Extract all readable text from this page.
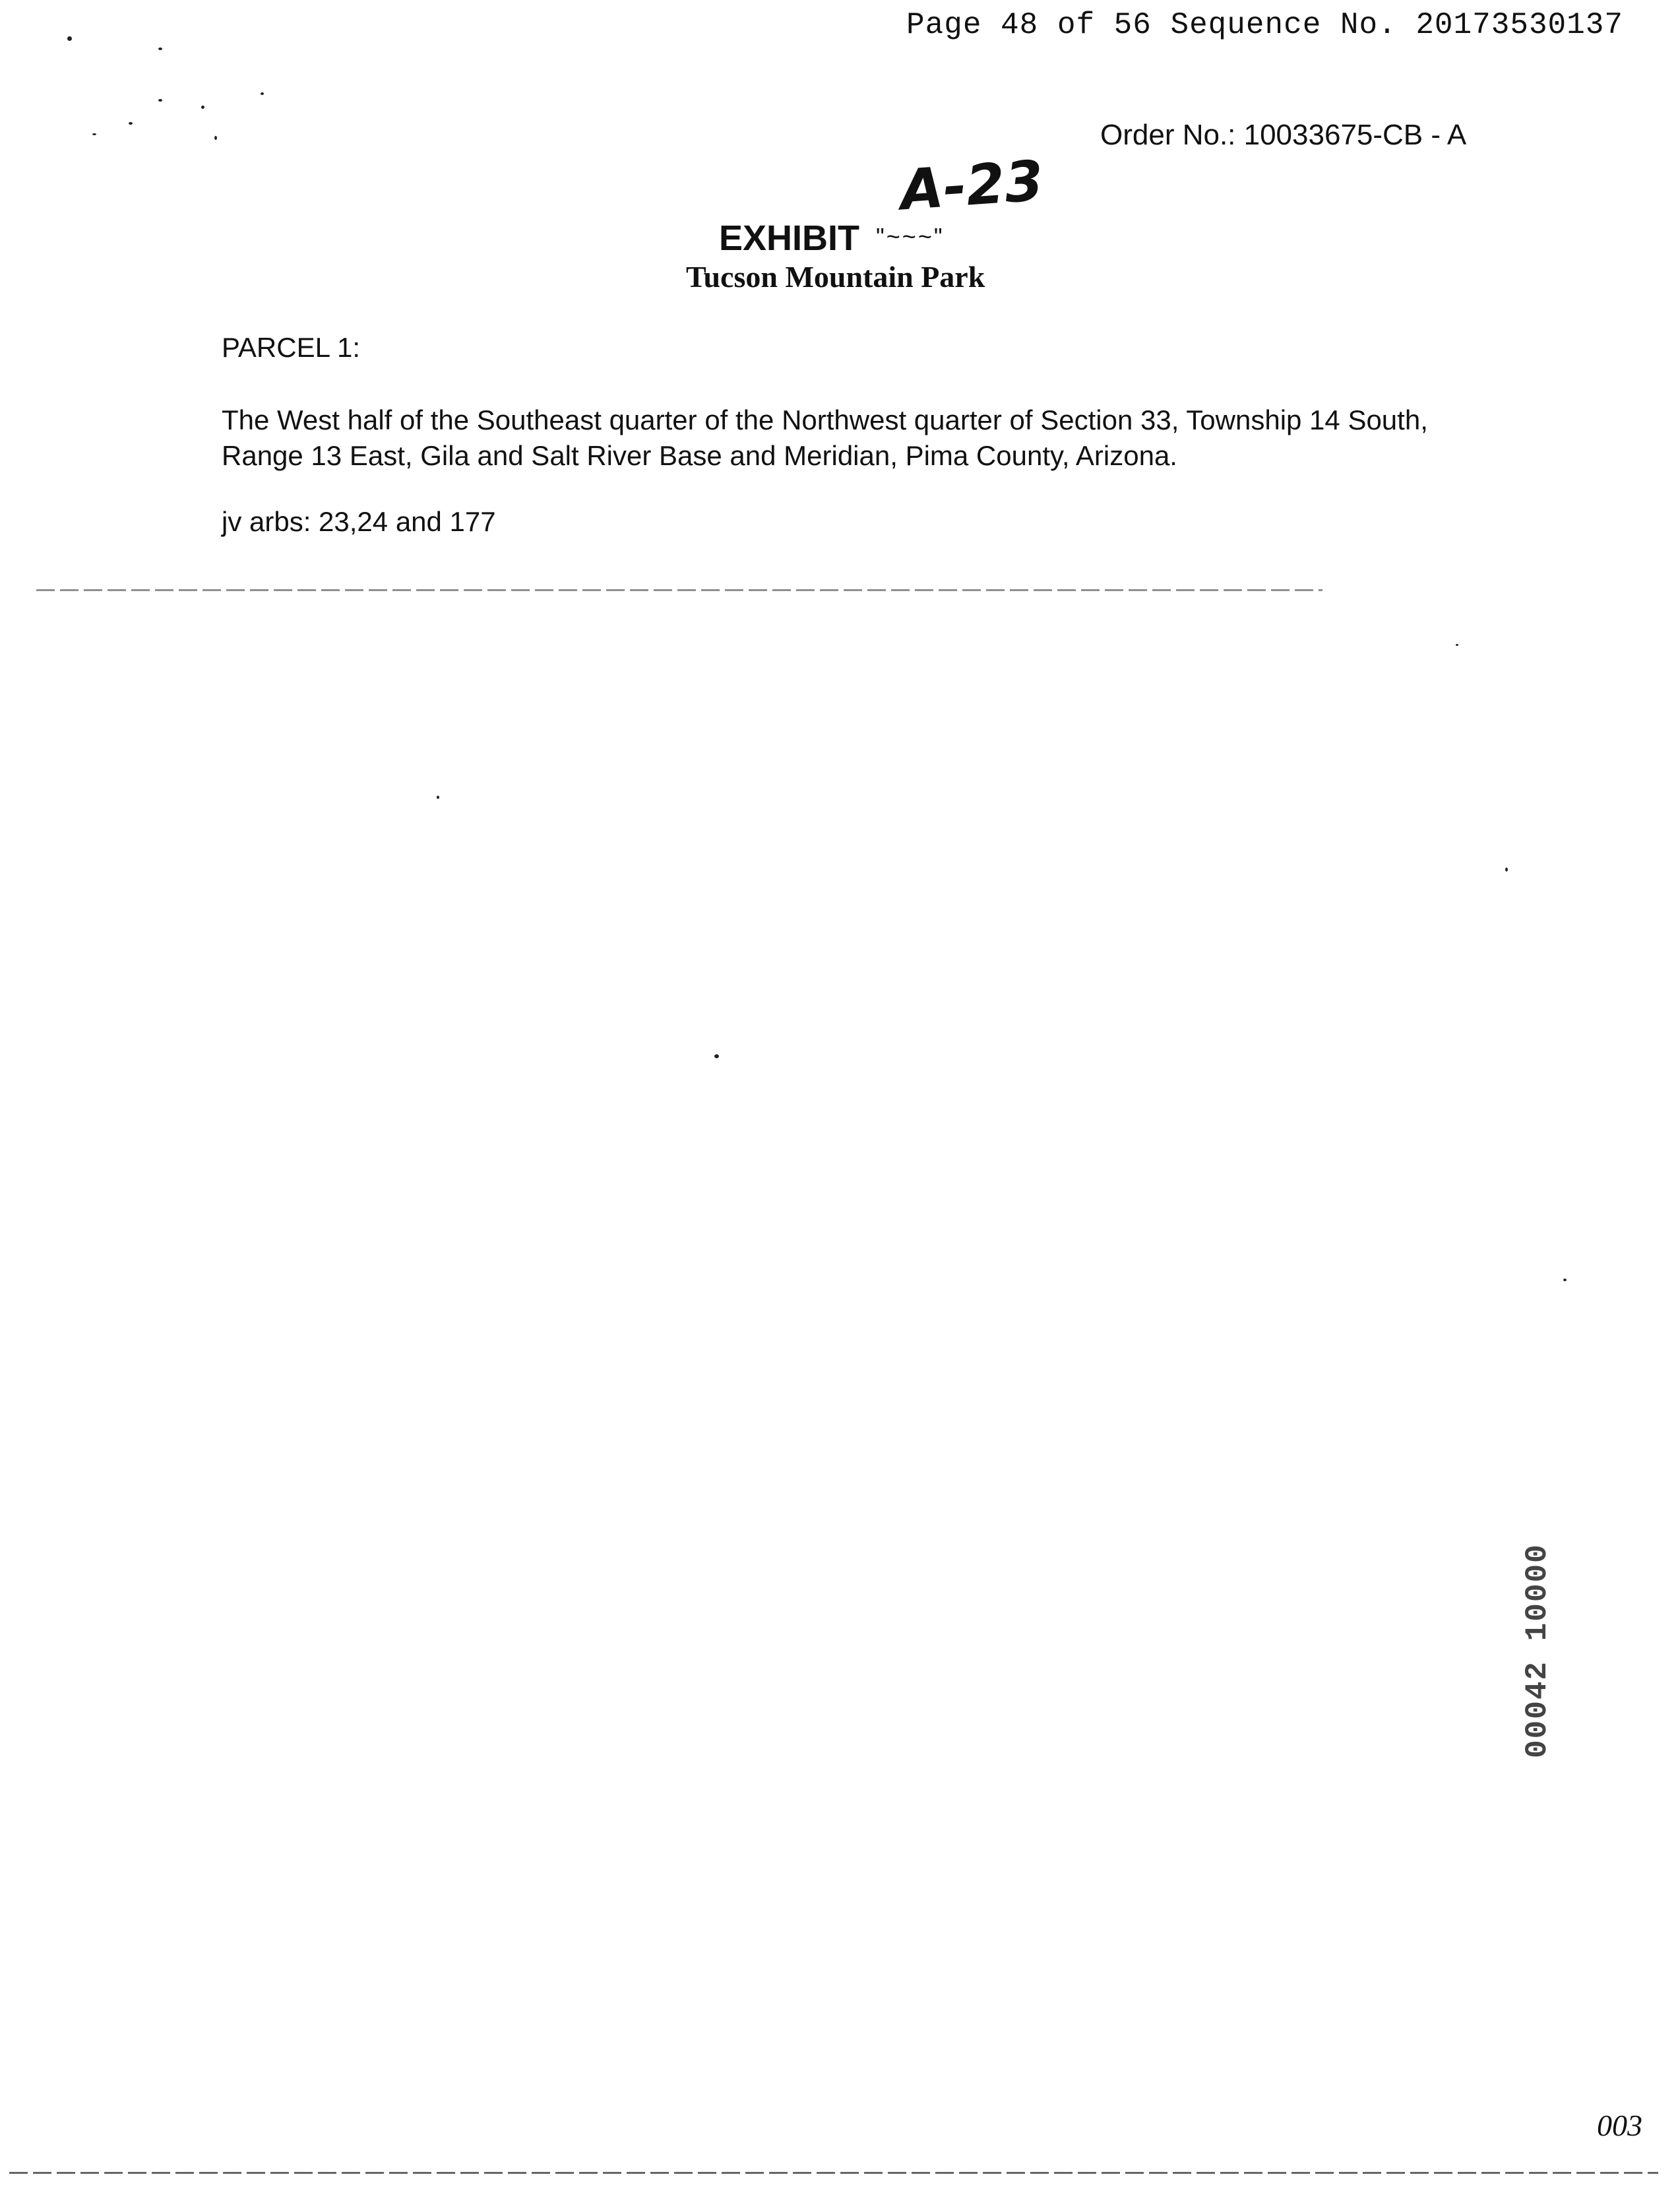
Page 48 of 56 Sequence No. 20173530137
Order No.: 10033675-CB - A
A-23
EXHIBIT "~~~"
Tucson Mountain Park
PARCEL 1:
The West half of the Southeast quarter of the Northwest quarter of Section 33, Township 14 South, Range 13 East, Gila and Salt River Base and Meridian, Pima County, Arizona.
jv arbs: 23,24 and 177
00042 10000
003
